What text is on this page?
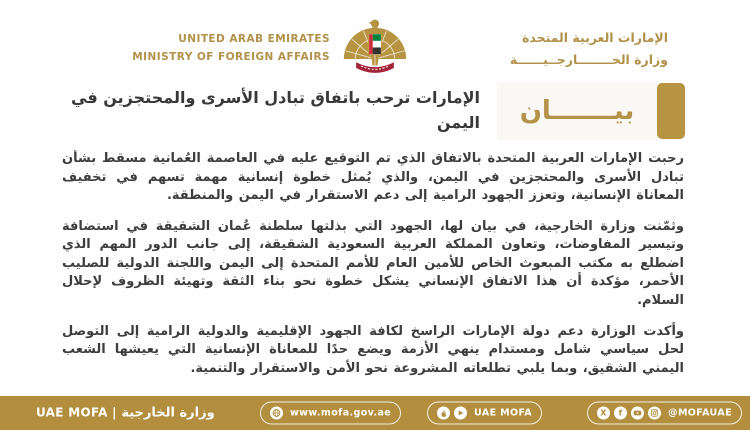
UNITED ARAB EMIRATES
MINISTRY OF FOREIGN AFFAIRS
الإمارات العربية المتحدة
وزارة الخــــــــارجــيــــــة
بيـــــــان
الإمارات ترحب باتفاق تبادل الأسرى والمحتجزين في اليمن

رحبت الإمارات العربية المتحدة بالاتفاق الذي تم التوقيع عليه في العاصمة العُمانية مسقط بشأن تبادل الأسرى والمحتجزين في اليمن، والذي يُمثل خطوة إنسانية مهمة تسهم في تخفيف المعاناة الإنسانية، وتعزز الجهود الرامية إلى دعم الاستقرار في اليمن والمنطقة.

وثمّنت وزارة الخارجية، في بيان لها، الجهود التي بذلتها سلطنة عُمان الشقيقة في استضافة وتيسير المفاوضات، وتعاون المملكة العربية السعودية الشقيقة، إلى جانب الدور المهم الذي اضطلع به مكتب المبعوث الخاص للأمين العام للأمم المتحدة إلى اليمن واللجنة الدولية للصليب الأحمر، مؤكدة أن هذا الاتفاق الإنساني يشكل خطوة نحو بناء الثقة وتهيئة الظروف لإحلال السلام.

وأكدت الوزارة دعم دولة الإمارات الراسخ لكافة الجهود الإقليمية والدولية الرامية إلى التوصل لحل سياسي شامل ومستدام ينهي الأزمة ويضع حدًا للمعاناة الإنسانية التي يعيشها الشعب اليمني الشقيق، وبما يلبي تطلعاته المشروعة نحو الأمن والاستقرار والتنمية.

UAE MOFA | وزارة الخارجية	www.mofa.gov.ae	UAE MOFA	X f	@MOFAUAE
